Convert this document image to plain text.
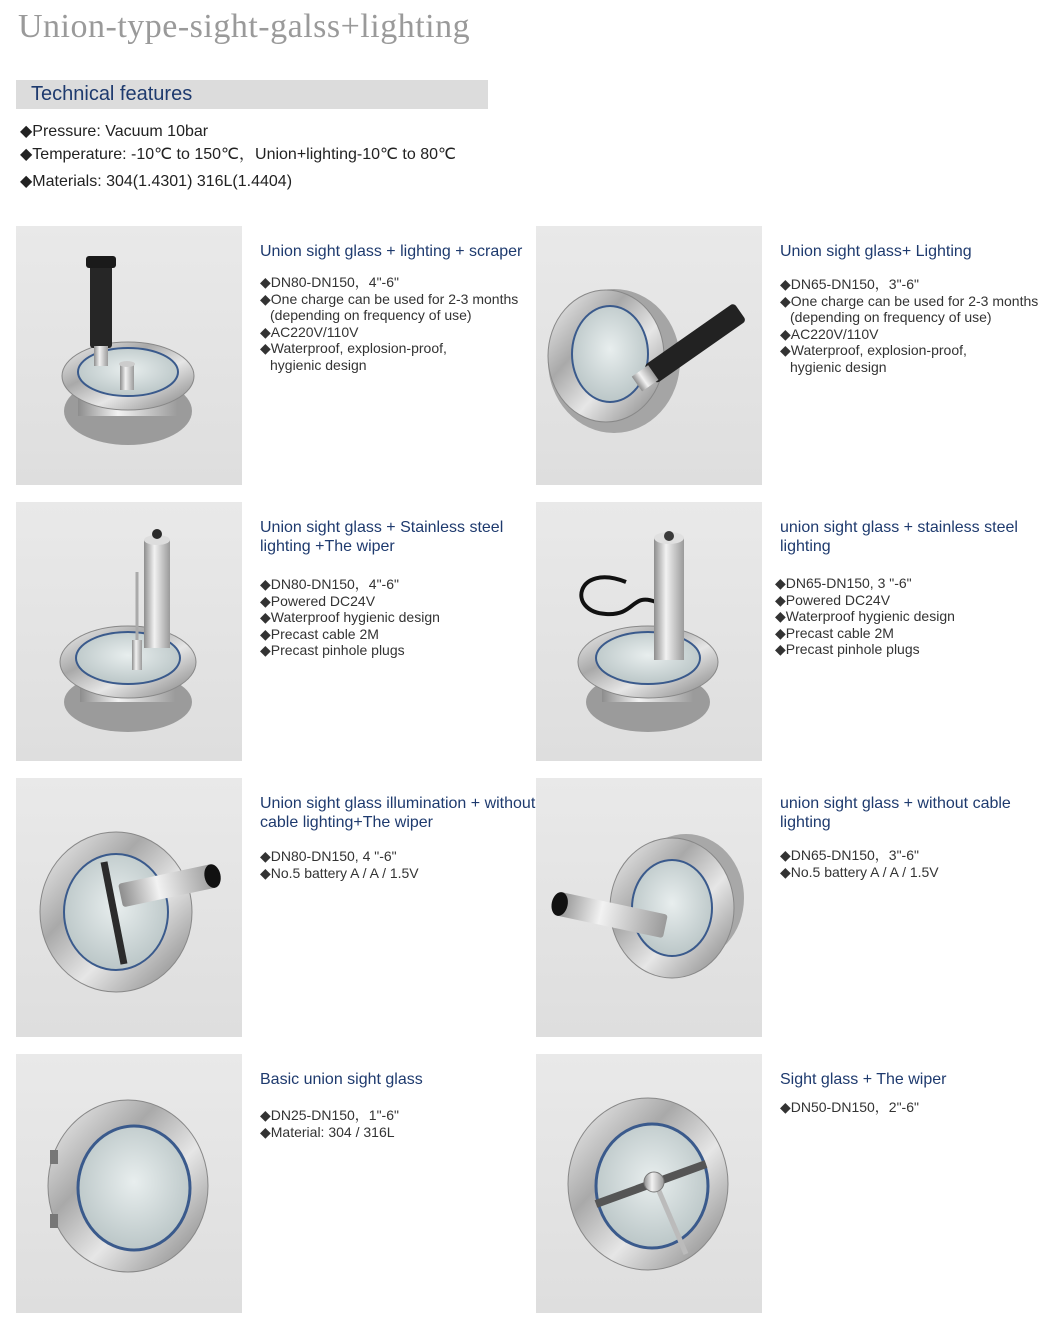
Union-type-sight-galss+lighting
Technical features
◆Pressure: Vacuum 10bar
◆Temperature: -10℃ to 150℃，Union+lighting-10℃ to 80℃
◆Materials: 304(1.4301) 316L(1.4404)
Union sight glass + lighting + scraper
◆DN80-DN150，4"-6"
◆One charge can be used for 2-3 months
(depending on frequency of use)
◆AC220V/110V
◆Waterproof, explosion-proof,
hygienic design
Union sight glass+ Lighting
◆DN65-DN150，3"-6"
◆One charge can be used for 2-3 months
(depending on frequency of use)
◆AC220V/110V
◆Waterproof, explosion-proof,
hygienic design
Union sight glass + Stainless steel lighting +The wiper
◆DN80-DN150，4"-6"
◆Powered DC24V
◆Waterproof hygienic design
◆Precast cable 2M
◆Precast pinhole plugs
union sight glass + stainless steel lighting
◆DN65-DN150, 3 "-6"
◆Powered DC24V
◆Waterproof hygienic design
◆Precast cable 2M
◆Precast pinhole plugs
Union sight glass illumination + without cable lighting+The wiper
◆DN80-DN150, 4 "-6"
◆No.5 battery A / A / 1.5V
union sight glass + without cable lighting
◆DN65-DN150，3"-6"
◆No.5 battery A / A / 1.5V
Basic union sight glass
◆DN25-DN150，1"-6"
◆Material: 304 / 316L
Sight glass + The wiper
◆DN50-DN150，2"-6"
